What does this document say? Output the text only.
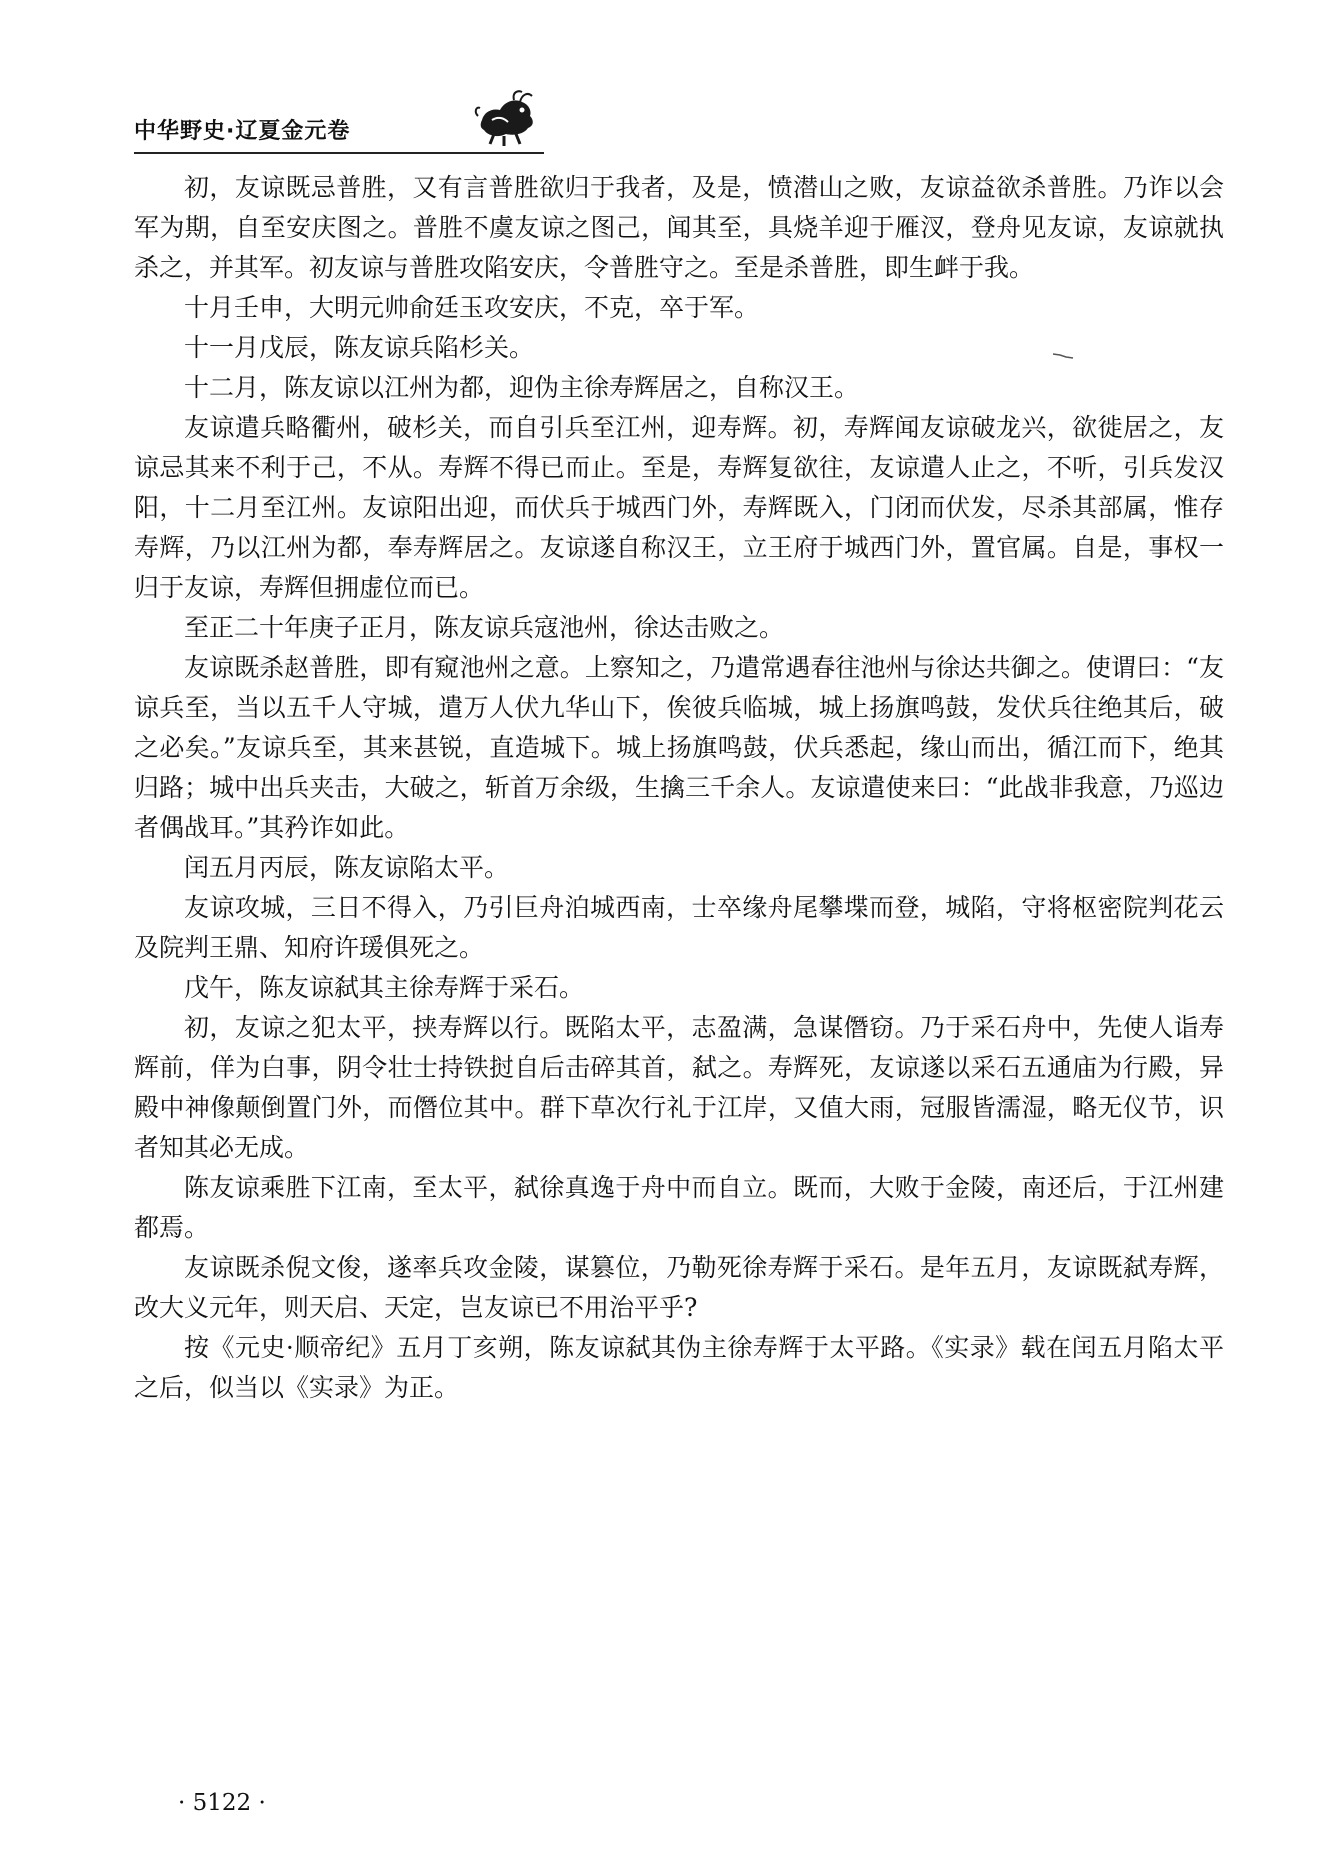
中华野史·辽夏金元卷

初，友谅既忌普胜，又有言普胜欲归于我者，及是，愤潜山之败，友谅益欲杀普胜。乃诈以会军为期，自至安庆图之。普胜不虞友谅之图己，闻其至，具烧羊迎于雁汊，登舟见友谅，友谅就执杀之，并其军。初友谅与普胜攻陷安庆，令普胜守之。至是杀普胜，即生衅于我。

十月壬申，大明元帅俞廷玉攻安庆，不克，卒于军。

十一月戊辰，陈友谅兵陷杉关。

十二月，陈友谅以江州为都，迎伪主徐寿辉居之，自称汉王。

友谅遣兵略衢州，破杉关，而自引兵至江州，迎寿辉。初，寿辉闻友谅破龙兴，欲徙居之，友谅忌其来不利于己，不从。寿辉不得已而止。至是，寿辉复欲往，友谅遣人止之，不听，引兵发汉阳，十二月至江州。友谅阳出迎，而伏兵于城西门外，寿辉既入，门闭而伏发，尽杀其部属，惟存寿辉，乃以江州为都，奉寿辉居之。友谅遂自称汉王，立王府于城西门外，置官属。自是，事权一归于友谅，寿辉但拥虚位而已。

至正二十年庚子正月，陈友谅兵寇池州，徐达击败之。

友谅既杀赵普胜，即有窥池州之意。上察知之，乃遣常遇春往池州与徐达共御之。使谓曰：“友谅兵至，当以五千人守城，遣万人伏九华山下，俟彼兵临城，城上扬旗鸣鼓，发伏兵往绝其后，破之必矣。”友谅兵至，其来甚锐，直造城下。城上扬旗鸣鼓，伏兵悉起，缘山而出，循江而下，绝其归路；城中出兵夹击，大破之，斩首万余级，生擒三千余人。友谅遣使来曰：“此战非我意，乃巡边者偶战耳。”其矜诈如此。

闰五月丙辰，陈友谅陷太平。

友谅攻城，三日不得入，乃引巨舟泊城西南，士卒缘舟尾攀堞而登，城陷，守将枢密院判花云及院判王鼎、知府许瑗俱死之。

戊午，陈友谅弑其主徐寿辉于采石。

初，友谅之犯太平，挟寿辉以行。既陷太平，志盈满，急谋僭窃。乃于采石舟中，先使人诣寿辉前，佯为白事，阴令壮士持铁挝自后击碎其首，弑之。寿辉死，友谅遂以采石五通庙为行殿，异殿中神像颠倒置门外，而僭位其中。群下草次行礼于江岸，又值大雨，冠服皆濡湿，略无仪节，识者知其必无成。

陈友谅乘胜下江南，至太平，弑徐真逸于舟中而自立。既而，大败于金陵，南还后，于江州建都焉。

友谅既杀倪文俊，遂率兵攻金陵，谋篡位，乃勒死徐寿辉于采石。是年五月，友谅既弑寿辉，改大义元年，则天启、天定，岂友谅已不用治平乎?

按《元史·顺帝纪》五月丁亥朔，陈友谅弑其伪主徐寿辉于太平路。《实录》载在闰五月陷太平之后，似当以《实录》为正。

· 5122 ·
